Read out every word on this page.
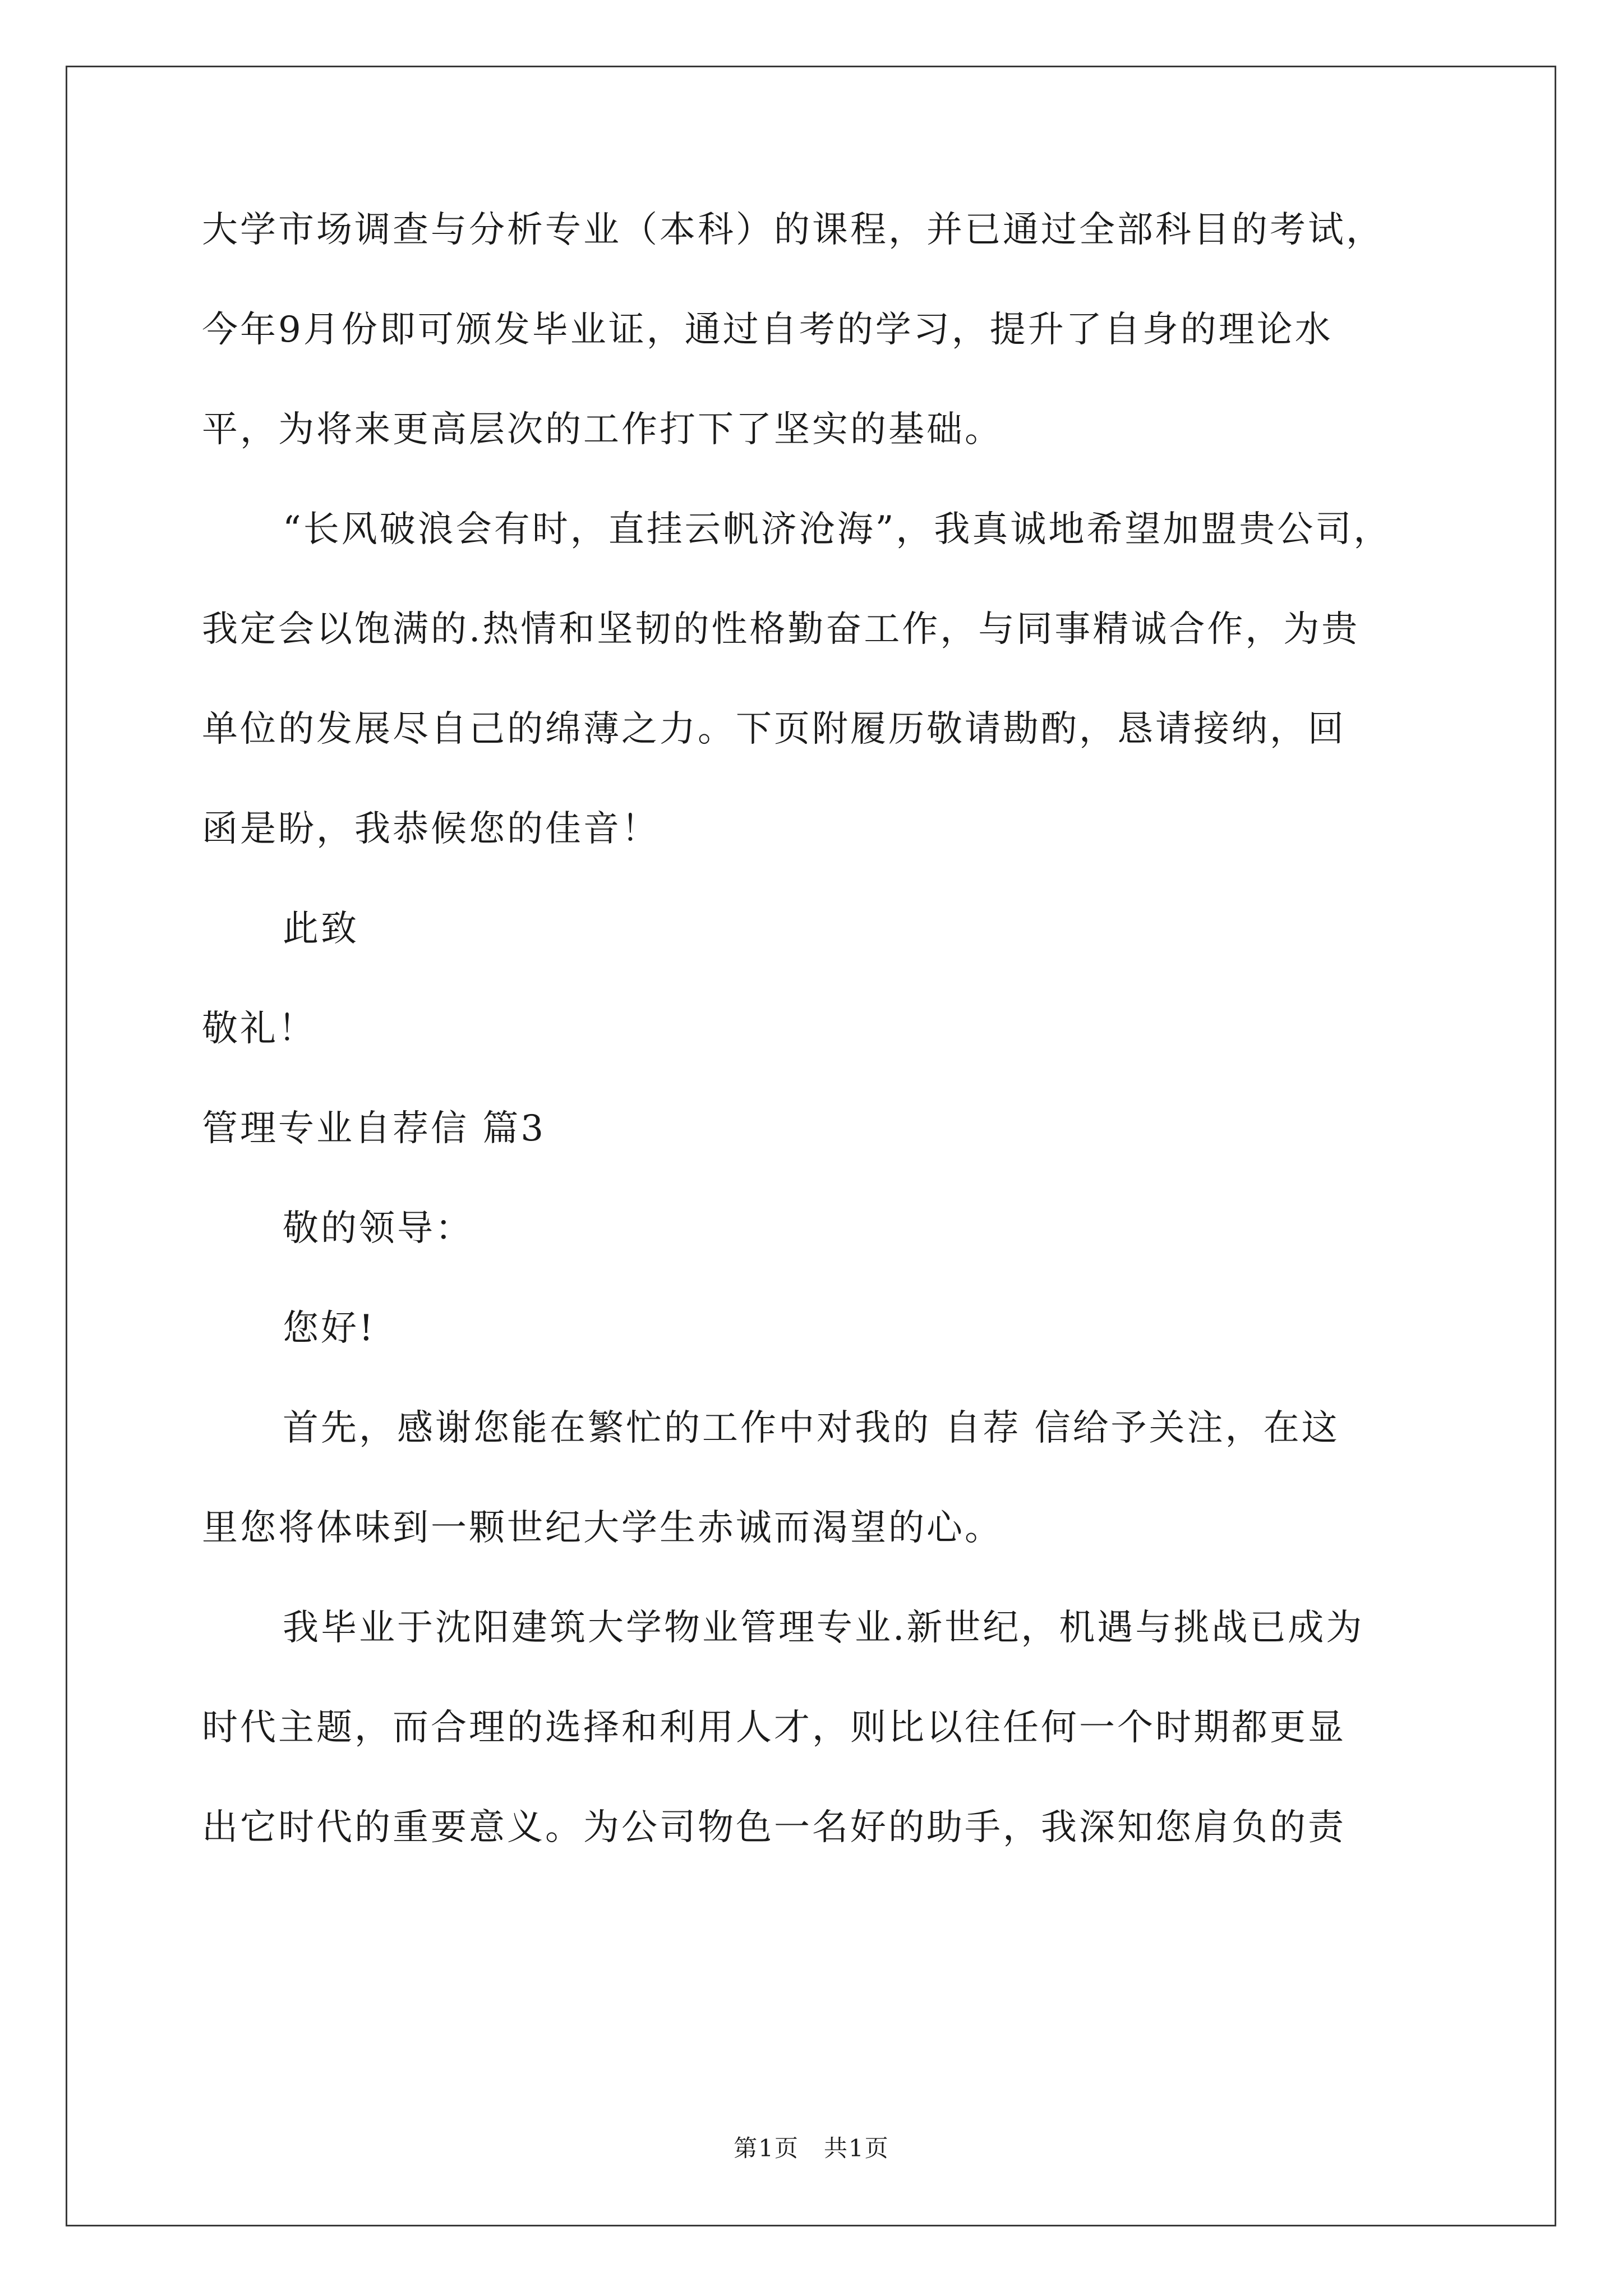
大学市场调查与分析专业（本科）的课程，并已通过全部科目的考试，
今年9月份即可颁发毕业证，通过自考的学习，提升了自身的理论水
平，为将来更高层次的工作打下了坚实的基础。
“长风破浪会有时，直挂云帆济沧海”，我真诚地希望加盟贵公司，
我定会以饱满的.热情和坚韧的性格勤奋工作，与同事精诚合作，为贵
单位的发展尽自己的绵薄之力。下页附履历敬请勘酌，恳请接纳，回
函是盼，我恭候您的佳音！
此致
敬礼！
管理专业自荐信 篇3
敬的领导：
您好!
首先，感谢您能在繁忙的工作中对我的 自荐 信给予关注，在这
里您将体味到一颗世纪大学生赤诚而渴望的心。
我毕业于沈阳建筑大学物业管理专业.新世纪，机遇与挑战已成为
时代主题，而合理的选择和利用人才，则比以往任何一个时期都更显
出它时代的重要意义。为公司物色一名好的助手，我深知您肩负的责
第1页　共1页
